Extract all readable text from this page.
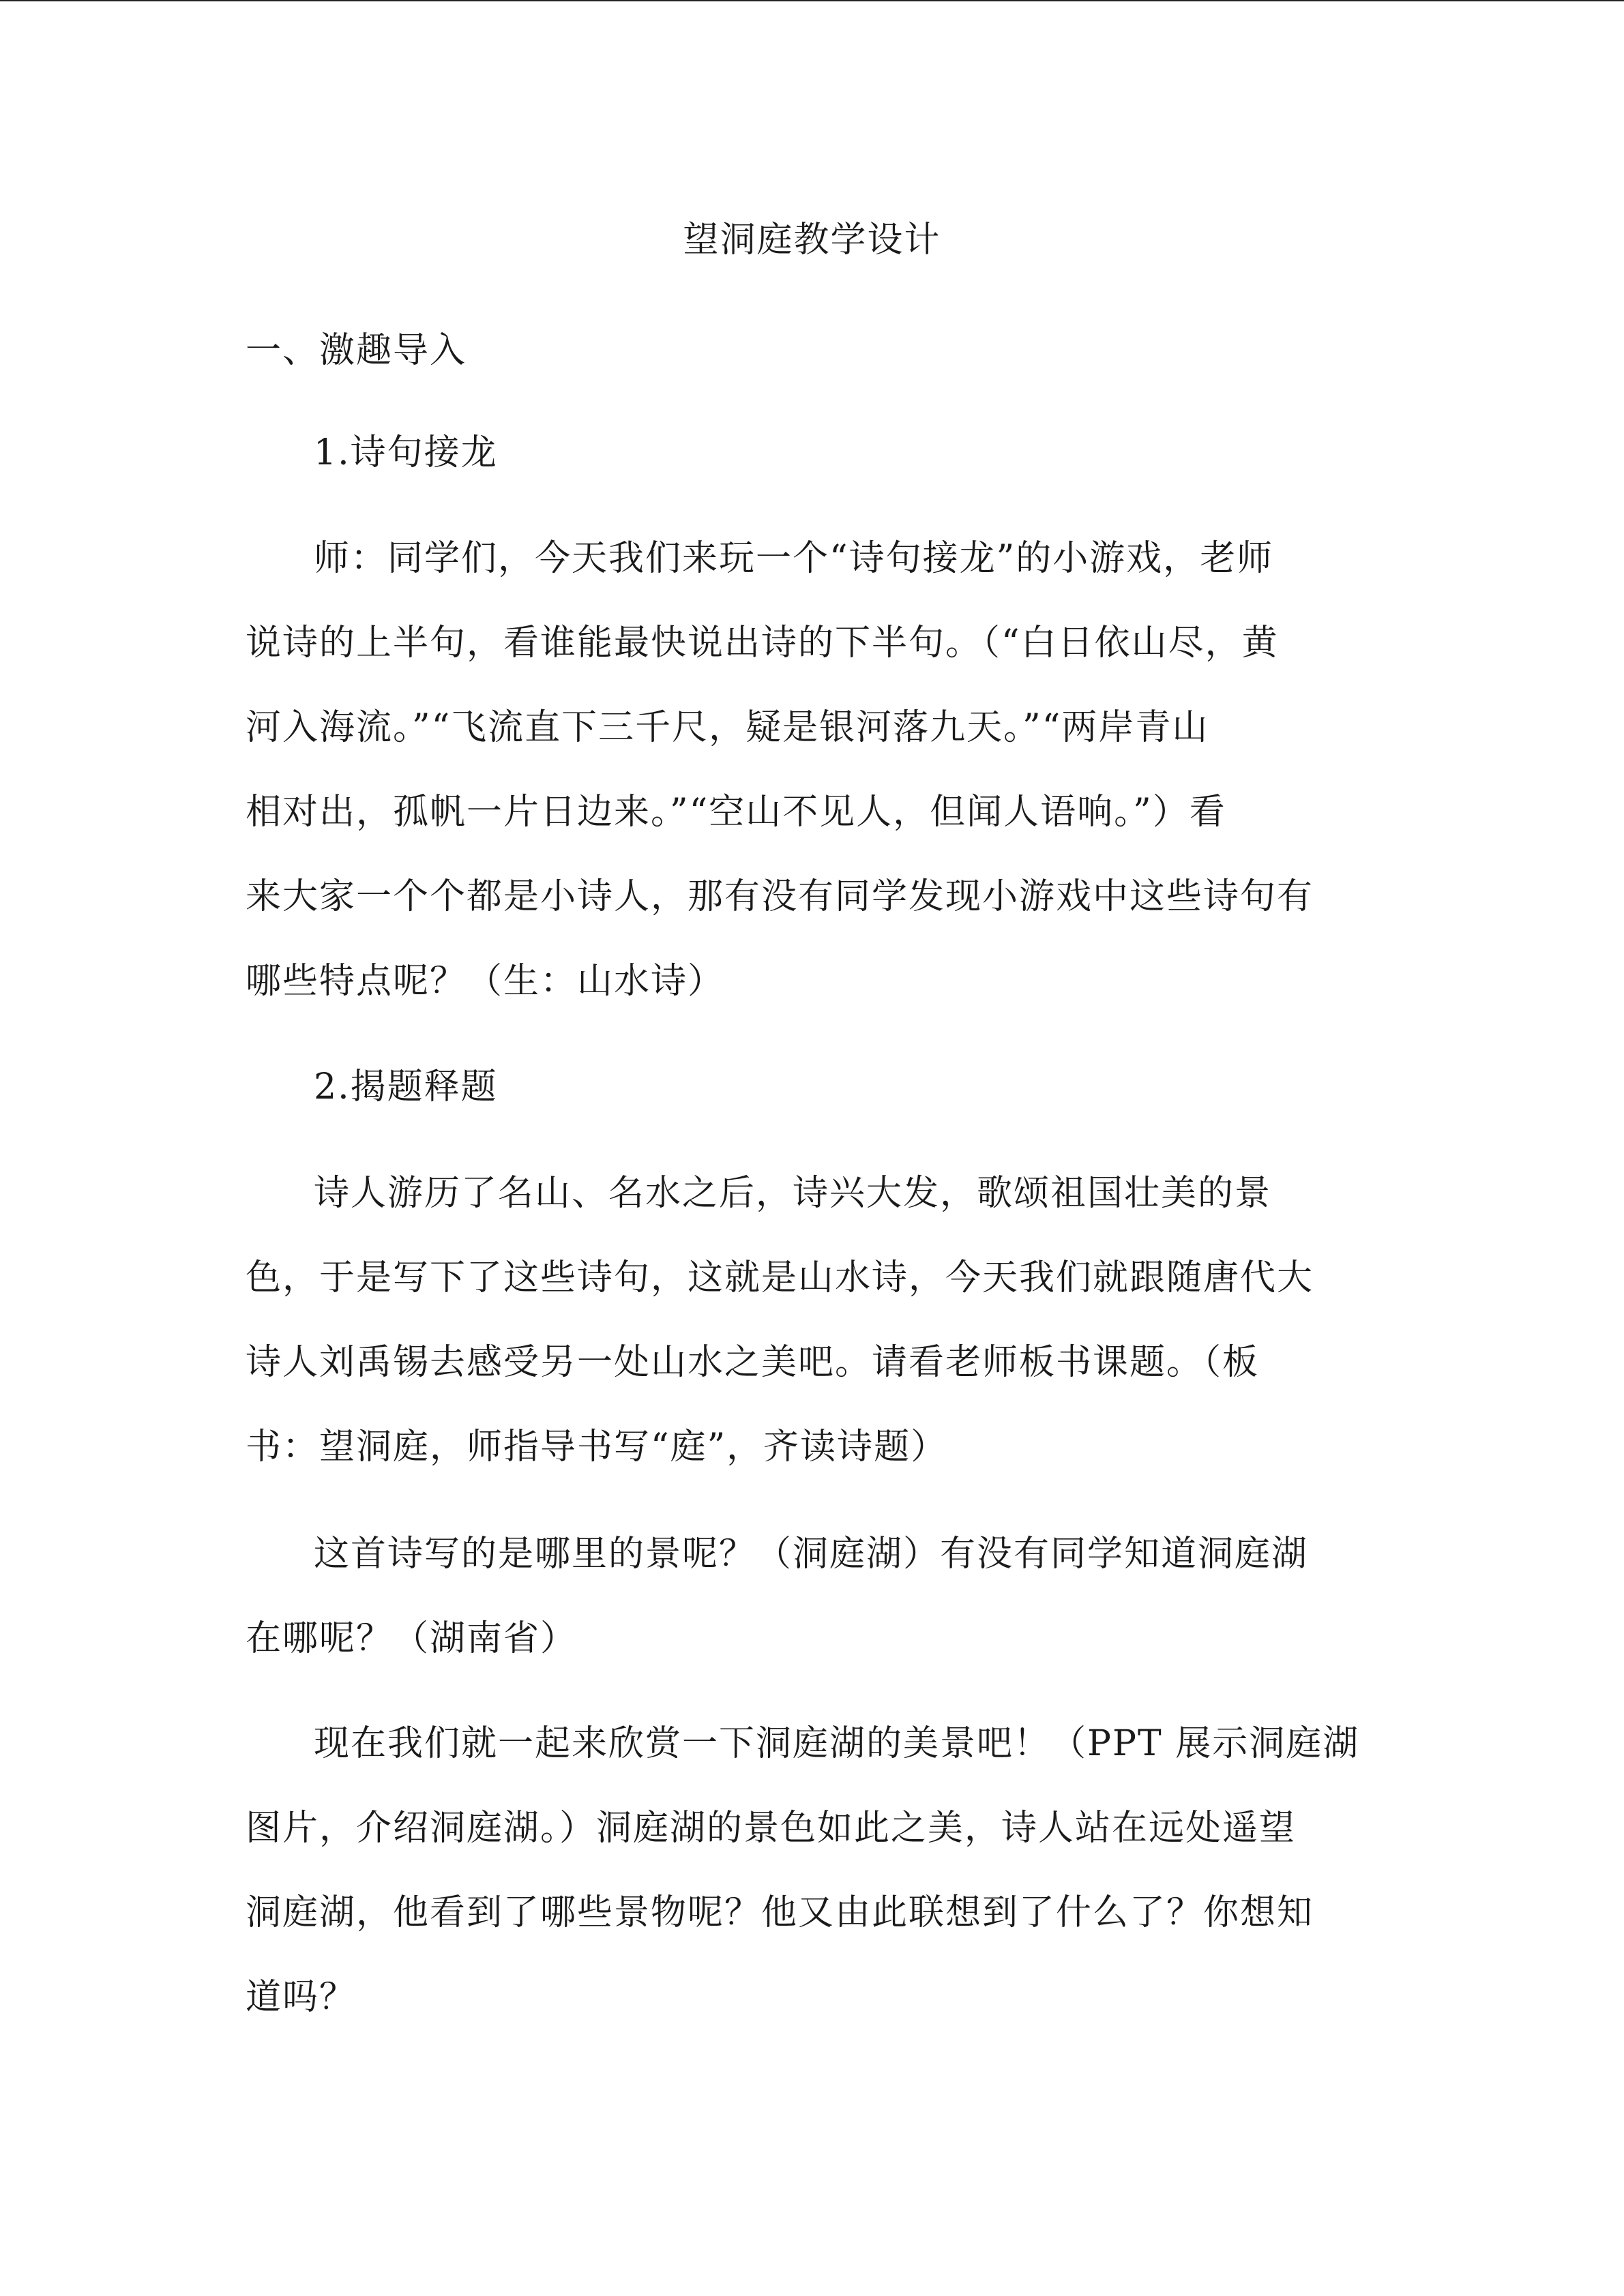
望洞庭教学设计
一、激趣导入
1.诗句接龙
师：同学们，今天我们来玩一个“诗句接龙”的小游戏，老师
说诗的上半句，看谁能最快说出诗的下半句。（“白日依山尽，黄
河入海流。”“飞流直下三千尺，疑是银河落九天。”“两岸青山
相对出，孤帆一片日边来。”“空山不见人，但闻人语响。”）看
来大家一个个都是小诗人，那有没有同学发现小游戏中这些诗句有
哪些特点呢？（生：山水诗）
2.揭题释题
诗人游历了名山、名水之后，诗兴大发，歌颂祖国壮美的景
色，于是写下了这些诗句，这就是山水诗，今天我们就跟随唐代大
诗人刘禹锡去感受另一处山水之美吧。请看老师板书课题。（板
书：望洞庭，师指导书写“庭”，齐读诗题）
这首诗写的是哪里的景呢？（洞庭湖）有没有同学知道洞庭湖
在哪呢？（湖南省）
现在我们就一起来欣赏一下洞庭湖的美景吧！（PPT 展示洞庭湖
图片，介绍洞庭湖。）洞庭湖的景色如此之美，诗人站在远处遥望
洞庭湖，他看到了哪些景物呢？他又由此联想到了什么了？你想知
道吗？
